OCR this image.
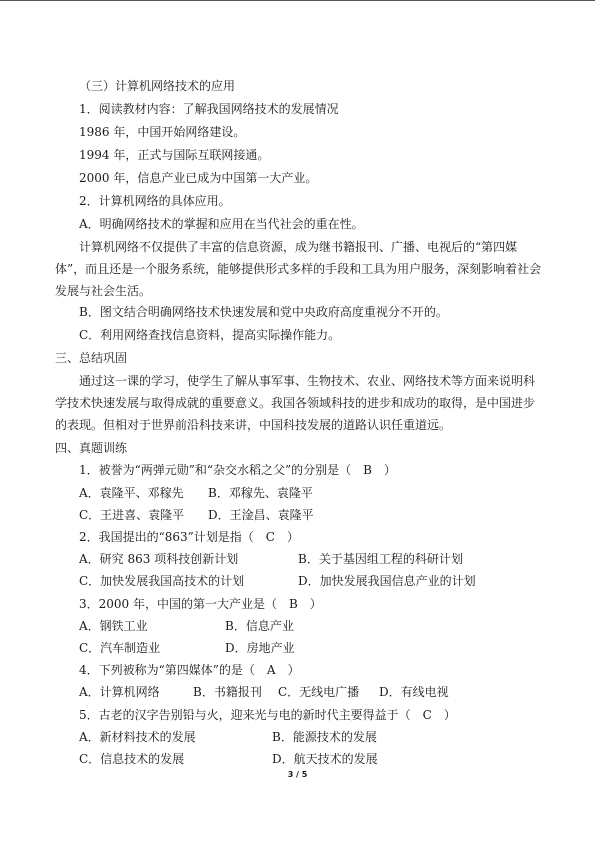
（三）计算机网络技术的应用
1．阅读教材内容：了解我国网络技术的发展情况
1986 年，中国开始网络建设。
1994 年，正式与国际互联网接通。
2000 年，信息产业已成为中国第一大产业。
2．计算机网络的具体应用。
A．明确网络技术的掌握和应用在当代社会的重在性。
计算机网络不仅提供了丰富的信息资源，成为继书籍报刊、广播、电视后的“第四媒
体”，而且还是一个服务系统，能够提供形式多样的手段和工具为用户服务，深刻影响着社会
发展与社会生活。
B．图文结合明确网络技术快速发展和党中央政府高度重视分不开的。
C．利用网络查找信息资料，提高实际操作能力。
三、总结巩固
通过这一课的学习，使学生了解从事军事、生物技术、农业、网络技术等方面来说明科
学技术快速发展与取得成就的重要意义。我国各领域科技的进步和成功的取得，是中国进步
的表现。但相对于世界前沿科技来讲，中国科技发展的道路认识任重道远。
四、真题训练
1．被誉为“两弹元勋”和“杂交水稻之父”的分别是（　B　）
A．袁隆平、邓稼先	B．邓稼先、袁隆平
C．王进喜、袁隆平	D．王淦昌、袁隆平
2．我国提出的“863”计划是指（　C　）
A．研究 863 项科技创新计划	B．关于基因组工程的科研计划
C．加快发展我国高技术的计划	D．加快发展我国信息产业的计划
3．2000 年，中国的第一大产业是（　B　）
A．钢铁工业	B．信息产业
C．汽车制造业	D．房地产业
4．下列被称为“第四媒体”的是（　A　）
A．计算机网络	B．书籍报刊	C．无线电广播	D．有线电视
5．古老的汉字告别铅与火，迎来光与电的新时代主要得益于（　C　）
A．新材料技术的发展	B．能源技术的发展
C．信息技术的发展	D．航天技术的发展
3 / 5
